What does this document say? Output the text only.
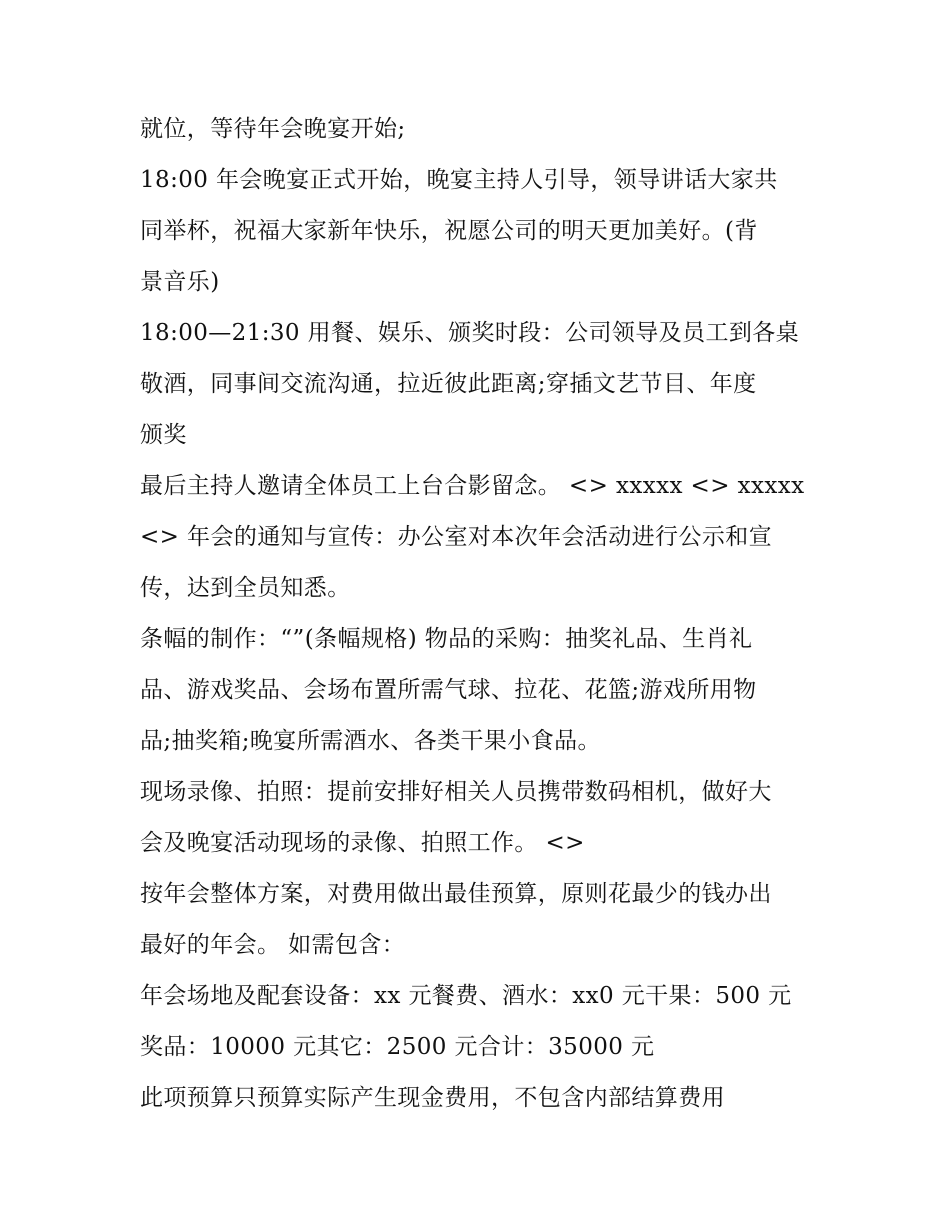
就位，等待年会晚宴开始;
18:00 年会晚宴正式开始，晚宴主持人引导，领导讲话大家共
同举杯，祝福大家新年快乐，祝愿公司的明天更加美好。(背
景音乐)
18:00—21:30 用餐、娱乐、颁奖时段：公司领导及员工到各桌
敬酒，同事间交流沟通，拉近彼此距离;穿插文艺节目、年度
颁奖
最后主持人邀请全体员工上台合影留念。 <> xxxxx <> xxxxx
<> 年会的通知与宣传：办公室对本次年会活动进行公示和宣
传，达到全员知悉。
条幅的制作：“”(条幅规格) 物品的采购：抽奖礼品、生肖礼
品、游戏奖品、会场布置所需气球、拉花、花篮;游戏所用物
品;抽奖箱;晚宴所需酒水、各类干果小食品。
现场录像、拍照：提前安排好相关人员携带数码相机，做好大
会及晚宴活动现场的录像、拍照工作。 <>
按年会整体方案，对费用做出最佳预算，原则花最少的钱办出
最好的年会。 如需包含：
年会场地及配套设备：xx 元餐费、酒水：xx0 元干果：500 元
奖品：10000 元其它：2500 元合计：35000 元
此项预算只预算实际产生现金费用，不包含内部结算费用
